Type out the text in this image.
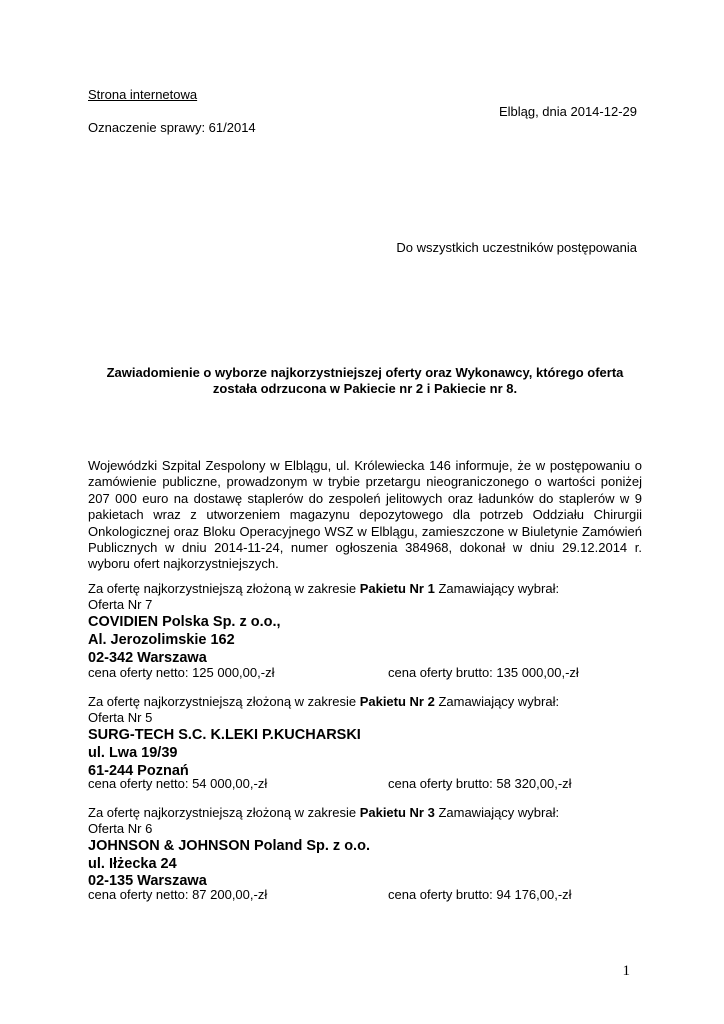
Strona internetowa
Elbląg, dnia 2014-12-29
Oznaczenie sprawy: 61/2014
Do wszystkich uczestników postępowania
Zawiadomienie o wyborze najkorzystniejszej oferty oraz Wykonawcy, którego oferta
została odrzucona w Pakiecie nr 2 i Pakiecie nr 8.
Wojewódzki Szpital Zespolony w Elblągu, ul. Królewiecka 146 informuje, że w postępowaniu o zamówienie publiczne, prowadzonym w trybie przetargu nieograniczonego o wartości poniżej 207 000 euro na dostawę staplerów do zespoleń jelitowych oraz ładunków do staplerów w 9 pakietach wraz z utworzeniem magazynu depozytowego dla potrzeb Oddziału Chirurgii Onkologicznej oraz Bloku Operacyjnego WSZ w Elblągu, zamieszczone w Biuletynie Zamówień Publicznych w dniu 2014-11-24, numer ogłoszenia 384968, dokonał w dniu 29.12.2014 r. wyboru ofert najkorzystniejszych.
Za ofertę najkorzystniejszą złożoną w zakresie Pakietu Nr 1 Zamawiający wybrał:
Oferta Nr 7
COVIDIEN Polska Sp. z o.o.,
Al. Jerozolimskie 162
02-342 Warszawa
cena oferty netto: 125 000,00,-zł	cena oferty brutto: 135 000,00,-zł
Za ofertę najkorzystniejszą złożoną w zakresie Pakietu Nr 2 Zamawiający wybrał:
Oferta Nr 5
SURG-TECH S.C. K.LEKI P.KUCHARSKI
ul. Lwa 19/39
61-244 Poznań
cena oferty netto: 54 000,00,-zł	cena oferty brutto: 58 320,00,-zł
Za ofertę najkorzystniejszą złożoną w zakresie Pakietu Nr 3 Zamawiający wybrał:
Oferta Nr 6
JOHNSON & JOHNSON Poland Sp. z o.o.
ul. Iłżecka 24
02-135 Warszawa
cena oferty netto: 87 200,00,-zł	cena oferty brutto: 94 176,00,-zł
1
